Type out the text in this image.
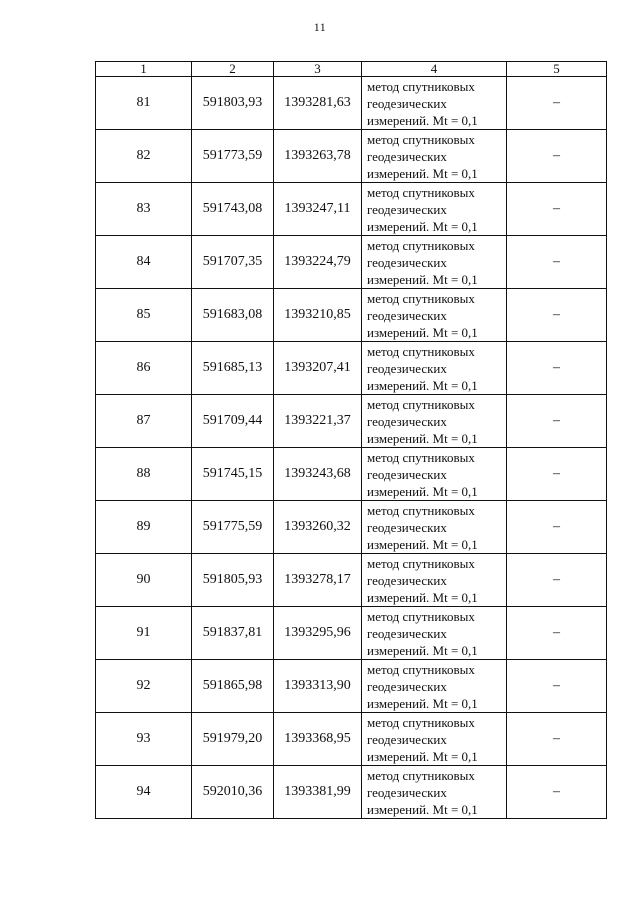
11
1	2	3	4	5
81	591803,93	1393281,63	метод спутниковых
геодезических
измерений. Mt = 0,1	–
82	591773,59	1393263,78	метод спутниковых
геодезических
измерений. Mt = 0,1	–
83	591743,08	1393247,11	метод спутниковых
геодезических
измерений. Mt = 0,1	–
84	591707,35	1393224,79	метод спутниковых
геодезических
измерений. Mt = 0,1	–
85	591683,08	1393210,85	метод спутниковых
геодезических
измерений. Mt = 0,1	–
86	591685,13	1393207,41	метод спутниковых
геодезических
измерений. Mt = 0,1	–
87	591709,44	1393221,37	метод спутниковых
геодезических
измерений. Mt = 0,1	–
88	591745,15	1393243,68	метод спутниковых
геодезических
измерений. Mt = 0,1	–
89	591775,59	1393260,32	метод спутниковых
геодезических
измерений. Mt = 0,1	–
90	591805,93	1393278,17	метод спутниковых
геодезических
измерений. Mt = 0,1	–
91	591837,81	1393295,96	метод спутниковых
геодезических
измерений. Mt = 0,1	–
92	591865,98	1393313,90	метод спутниковых
геодезических
измерений. Mt = 0,1	–
93	591979,20	1393368,95	метод спутниковых
геодезических
измерений. Mt = 0,1	–
94	592010,36	1393381,99	метод спутниковых
геодезических
измерений. Mt = 0,1	–
